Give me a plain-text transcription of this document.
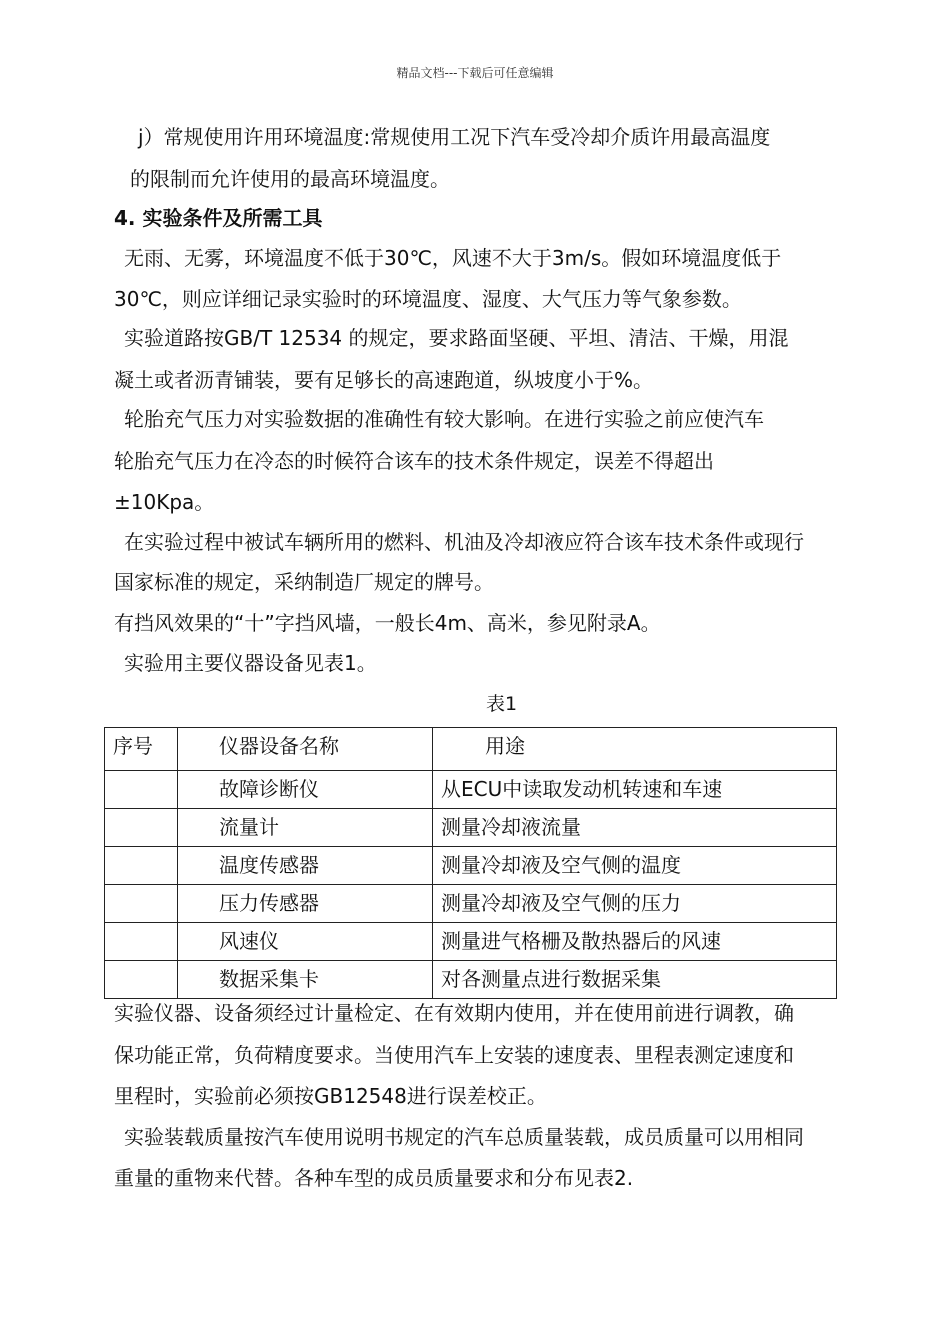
精品文档---下载后可任意编辑
j）常规使用许用环境温度:常规使用工况下汽车受冷却介质许用最高温度
的限制而允许使用的最高环境温度。
4. 实验条件及所需工具
无雨、无雾，环境温度不低于30℃，风速不大于3m/s。假如环境温度低于
30℃，则应详细记录实验时的环境温度、湿度、大气压力等气象参数。
实验道路按GB/T 12534 的规定，要求路面坚硬、平坦、清洁、干燥，用混
凝土或者沥青铺装，要有足够长的高速跑道，纵坡度小于%。
轮胎充气压力对实验数据的准确性有较大影响。在进行实验之前应使汽车
轮胎充气压力在冷态的时候符合该车的技术条件规定，误差不得超出
±10Kpa。
在实验过程中被试车辆所用的燃料、机油及冷却液应符合该车技术条件或现行
国家标准的规定，采纳制造厂规定的牌号。
有挡风效果的“十”字挡风墙，一般长4m、高米，参见附录A。
实验用主要仪器设备见表1。
表1
序号	仪器设备名称	用途

	故障诊断仪	从ECU中读取发动机转速和车速

	流量计	测量冷却液流量

	温度传感器	测量冷却液及空气侧的温度

	压力传感器	测量冷却液及空气侧的压力

	风速仪	测量进气格栅及散热器后的风速

	数据采集卡	对各测量点进行数据采集
实验仪器、设备须经过计量检定、在有效期内使用，并在使用前进行调教，确
保功能正常，负荷精度要求。当使用汽车上安装的速度表、里程表测定速度和
里程时，实验前必须按GB12548进行误差校正。
实验装载质量按汽车使用说明书规定的汽车总质量装载，成员质量可以用相同
重量的重物来代替。各种车型的成员质量要求和分布见表2.
